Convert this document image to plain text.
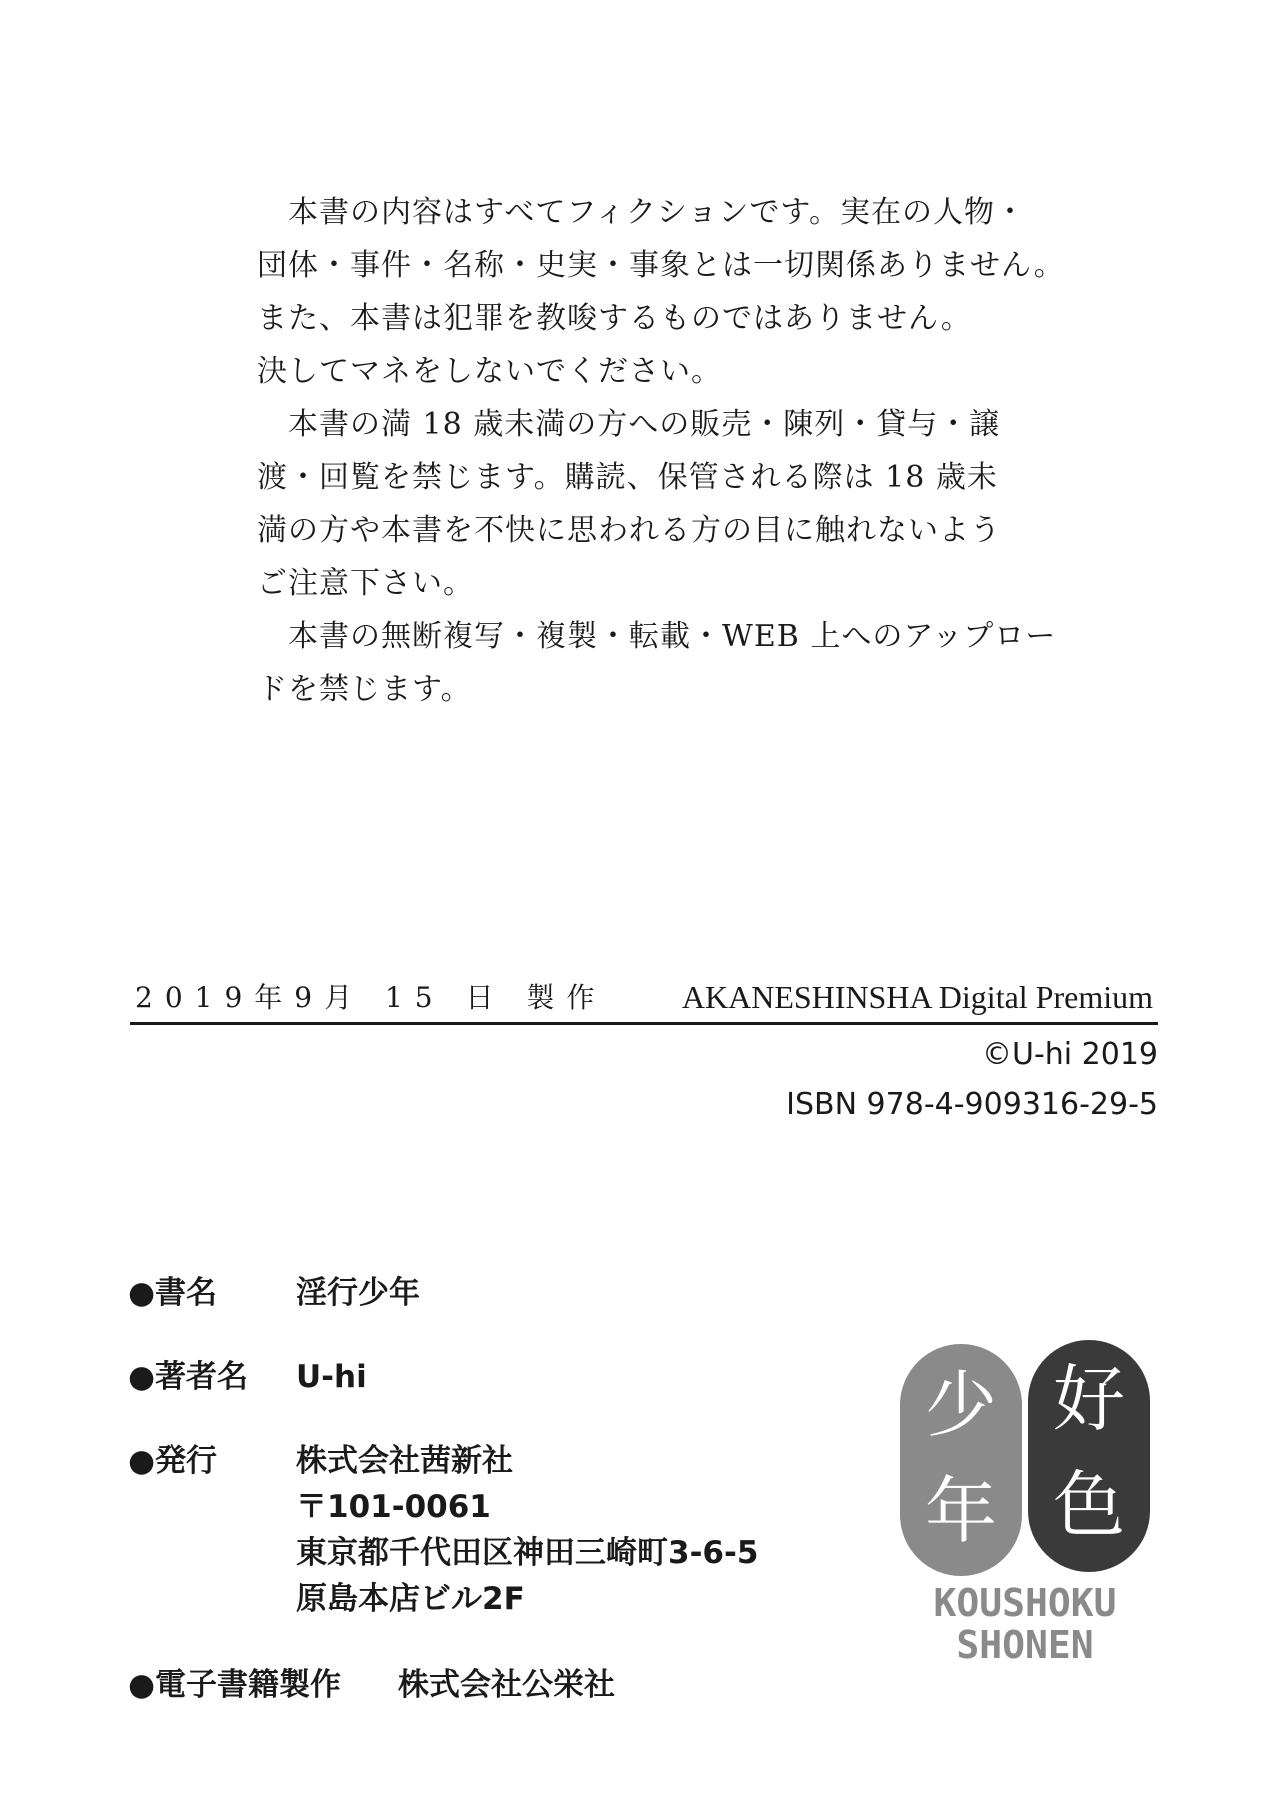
　本書の内容はすべてフィクションです。実在の人物・

団体・事件・名称・史実・事象とは一切関係ありません。

また、本書は犯罪を教唆するものではありません。

決してマネをしないでください。

　本書の満 18 歳未満の方への販売・陳列・貸与・譲

渡・回覧を禁じます。購読、保管される際は 18 歳未

満の方や本書を不快に思われる方の目に触れないよう

ご注意下さい。

　本書の無断複写・複製・転載・WEB 上へのアップロー

ドを禁じます。

2019年9月 15 日 製作 AKANESHINSHA Digital Premium
©U-hi 2019
ISBN 978-4-909316-29-5
●書名	淫行少年
●著者名 U-hi
●発行	株式会社茜新社
〒101-0061
東京都千代田区神田三崎町3-6-5
原島本店ビル2F
●電子書籍製作 株式会社公栄社
好
少
年 色
KOUSHOKU
SHONEN
